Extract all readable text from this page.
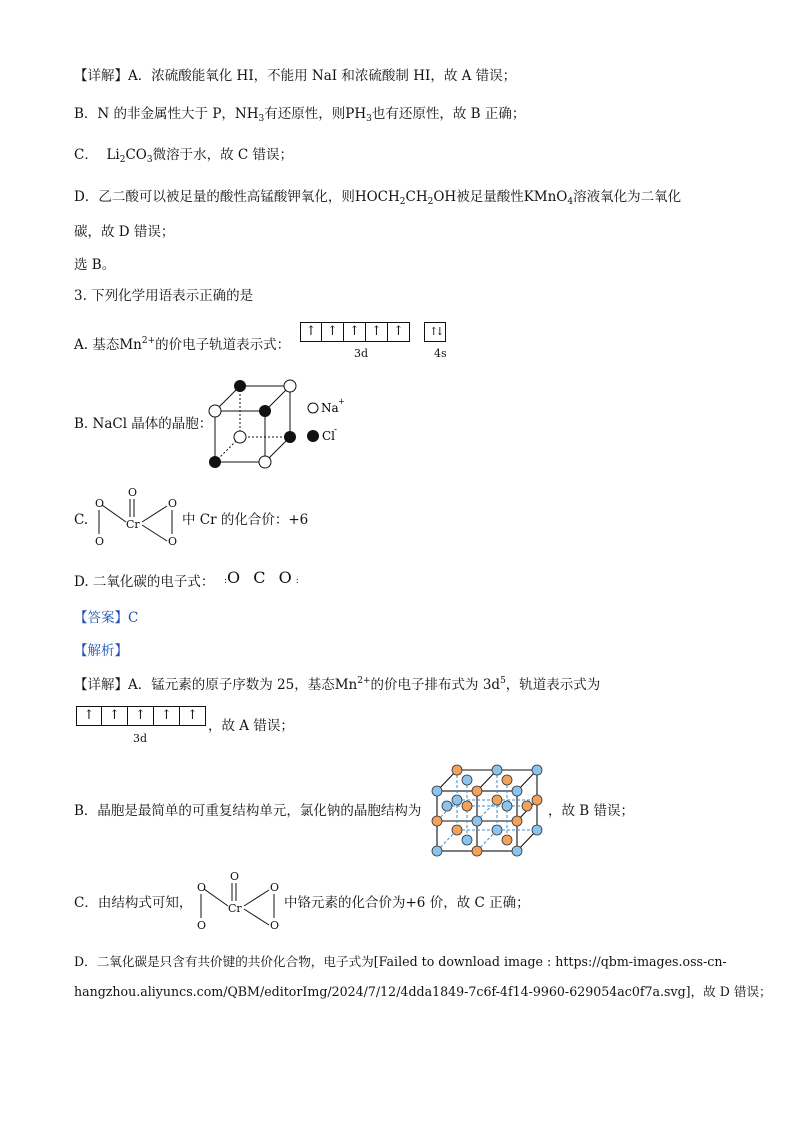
【详解】A．浓硫酸能氧化 HI，不能用 NaI 和浓硫酸制 HI，故 A 错误；
B．N 的非金属性大于 P，$NH_3$有还原性，则$PH_3$也有还原性，故 B 正确；
C． $Li_2CO_3$微溶于水，故 C 错误；
D．乙二酸可以被足量的酸性高锰酸钾氧化，则$HOCH_2CH_2OH$被足量酸性KMnO$_4$溶液氧化为二氧化
碳，故 D 错误；
选 B。
3. 下列化学用语表示正确的是
A. 基态$Mn^{2+}$的价电子轨道表示式：
↑ ↑ ↑ ↑ ↑
	↑↓
3d	4s
B. NaCl 晶体的晶胞：
Na +
Cl
-
C.
O
O
O
Cr
O	O
中 Cr 的化合价：+6
D. 二氧化碳的电子式： :O C O:
【答案】C
【解析】
【详解】A．锰元素的原子序数为 25，基态$Mn^{2+}$的价电子排布式为 $3d^5$，轨道表示式为
↑	↑	↑	↑	↑
3d
，故 A 错误；
B．晶胞是最简单的可重复结构单元，氯化钠的晶胞结构为	，故 B 错误；
C．由结构式可知，
O
O
O
Cr
O	O
中铬元素的化合价为+6 价，故 C 正确；
D．二氧化碳是只含有共价键的共价化合物，电子式为[Failed to download image : https://qbm-images.oss-cn-
hangzhou.aliyuncs.com/QBM/editorImg/2024/7/12/4dda1849-7c6f-4f14-9960-629054ac0f7a.svg]，故 D 错误；
